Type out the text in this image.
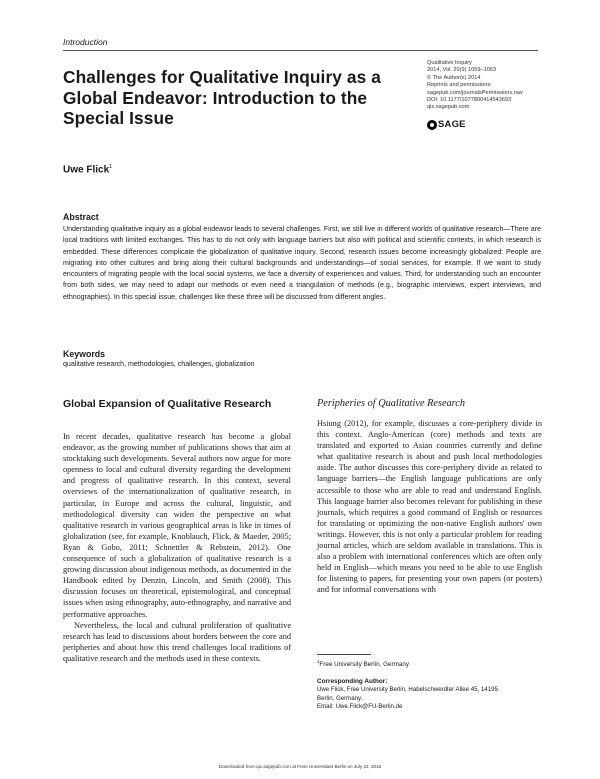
Introduction
Challenges for Qualitative Inquiry as a Global Endeavor: Introduction to the Special Issue
Qualitative Inquiry
2014, Vol. 20(9) 1059–1063
© The Author(s) 2014
Reprints and permissions:
sagepub.com/journalsPermissions.nav
DOI: 10.1177/1077800414543693
qix.sagepub.com
SAGE
Uwe Flick$^1$
Abstract
Understanding qualitative inquiry as a global endeavor leads to several challenges. First, we still live in different worlds of qualitative research—There are local traditions with limited exchanges. This has to do not only with language barriers but also with political and scientific contexts, in which research is embedded. These differences complicate the globalization of qualitative inquiry. Second, research issues become increasingly globalized: People are migrating into other cultures and bring along their cultural backgrounds and understandings—of social services, for example. If we want to study encounters of migrating people with the local social systems, we face a diversity of experiences and values. Third, for understanding such an encounter from both sides, we may need to adapt our methods or even need a triangulation of methods (e.g., biographic interviews, expert interviews, and ethnographies). In this special issue, challenges like these three will be discussed from different angles.
Keywords
qualitative research, methodologies, challenges, globalization
Global Expansion of Qualitative Research

In recent decades, qualitative research has become a global endeavor, as the growing number of publications shows that aim at stocktaking such developments. Several authors now argue for more openness to local and cultural diversity regarding the development and progress of qualitative research. In this context, several overviews of the internationalization of qualitative research, in particular, in Europe and across the cultural, linguistic, and methodological diversity can widen the perspective on what qualitative research in various geographical areas is like in times of globalization (see, for example, Knoblauch, Flick, & Maeder, 2005; Ryan & Gobo, 2011; Schnettler & Rebstein, 2012). One consequence of such a globalization of qualitative research is a growing discussion about indigenous methods, as documented in the Handbook edited by Denzin, Lincoln, and Smith (2008). This discussion focuses on theoretical, epistemological, and conceptual issues when using ethnography, auto-ethnography, and narrative and performative approaches.

Nevertheless, the local and cultural proliferation of qualitative research has lead to discussions about borders between the core and peripheries and about how this trend challenges local traditions of qualitative research and the methods used in these contexts.

Peripheries of Qualitative Research
Hsiung (2012), for example, discusses a core-periphery divide in this context. Anglo-American (core) methods and texts are translated and exported to Asian countries currently and define what qualitative research is about and push local methodologies aside. The author discusses this core-periphery divide as related to language barriers—the English language publications are only accessible to those who are able to read and understand English. This language barrier also becomes relevant for publishing in these journals, which requires a good command of English or resources for translating or optimizing the non-native English authors' own writings. However, this is not only a particular problem for reading journal articles, which are seldom available in translations. This is also a problem with international conferences which are often only held in English—which means you need to be able to use English for listening to papers, for presenting your own papers (or posters) and for informal conversations with
$^1$Free University Berlin, Germany
Corresponding Author:
Uwe Flick, Free University Berlin, Habelschwerdter Allee 45, 14195
Berlin, Germany.
Email: Uwe.Flick@FU-Berlin.de
Downloaded from qix.sagepub.com at Freie Universitaet Berlin on July 22, 2015
